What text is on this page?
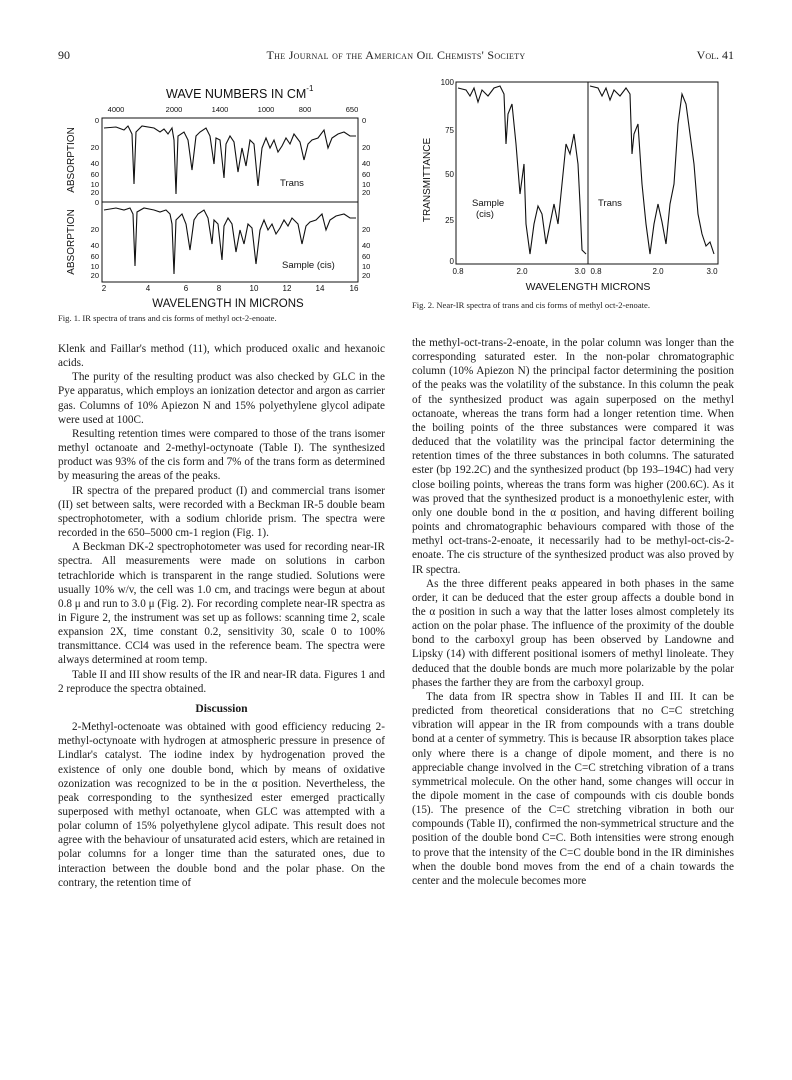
90	The Journal of the American Oil Chemists' Society	Vol. 41
WAVE NUMBERS IN $CM^{-1}$
4000	2000	1400	1000	800	650
0
20
40
60
10
20
0
20
40
60
10
20
0
20
40
60
10
20
20
40
60
10
20
ABSORPTION
ABSORPTION
Trans
Sample (cis)
2	4	6	8	10	12	14	16
WAVELENGTH IN MICRONS
Fig. 1. IR spectra of trans and cis forms of methyl oct-2-enoate.
100
75
50
25
0
TRANSMITTANCE	Sample
(cis)
Trans
0.8	2.0	3.0 0.8	2.0	3.0
WAVELENGTH MICRONS
Fig. 2. Near-IR spectra of trans and cis forms of methyl oct-2-enoate.

Klenk and Faillar's method (11), which produced oxalic and hexanoic acids.

The purity of the resulting product was also checked by GLC in the Pye apparatus, which employs an ionization detector and argon as carrier gas. Columns of 10% Apiezon N and 15% polyethylene glycol adipate were used at 100C.

Resulting retention times were compared to those of the trans isomer methyl octanoate and 2-methyl-octynoate (Table I). The synthesized product was 93% of the cis form and 7% of the trans form as determined by measuring the areas of the peaks.

IR spectra of the prepared product (I) and commercial trans isomer (II) set between salts, were recorded with a Beckman IR-5 double beam spectrophotometer, with a sodium chloride prism. The spectra were recorded in the 650–5000 cm-1 region (Fig. 1).

A Beckman DK-2 spectrophotometer was used for recording near-IR spectra. All measurements were made on solutions in carbon tetrachloride which is transparent in the range studied. Solutions were usually 10% w/v, the cell was 1.0 cm, and tracings were begun at about 0.8 μ and run to 3.0 μ (Fig. 2). For recording complete near-IR spectra as in Figure 2, the instrument was set up as follows: scanning time 2, scale expansion 2X, time constant 0.2, sensitivity 30, scale 0 to 100% transmittance. CCl4 was used in the reference beam. The spectra were always determined at room temp.

Table II and III show results of the IR and near-IR data. Figures 1 and 2 reproduce the spectra obtained.

Discussion

2-Methyl-octenoate was obtained with good efficiency reducing 2-methyl-octynoate with hydrogen at atmospheric pressure in presence of Lindlar's catalyst. The iodine index by hydrogenation proved the existence of only one double bond, which by means of oxidative ozonization was recognized to be in the α position. Nevertheless, the peak corresponding to the synthesized ester emerged practically superposed with methyl octanoate, when GLC was attempted with a polar column of 15% polyethylene glycol adipate. This result does not agree with the behaviour of unsaturated acid esters, which are retained in polar columns for a longer time than the saturated ones, due to interaction between the double bond and the polar phase. On the contrary, the retention time of

the methyl-oct-trans-2-enoate, in the polar column was longer than the corresponding saturated ester. In the non-polar chromatographic column (10% Apiezon N) the principal factor determining the position of the peaks was the volatility of the substance. In this column the peak of the synthesized product was again superposed on the methyl octanoate, whereas the trans form had a longer retention time. When the boiling points of the three substances were compared it was deduced that the volatility was the principal factor determining the retention times of the three substances in both columns. The saturated ester (bp 192.2C) and the synthesized product (bp 193–194C) had very close boiling points, whereas the trans form was higher (200.6C). As it was proved that the synthesized product is a monoethylenic ester, with only one double bond in the α position, and having different boiling points and chromatographic behaviours compared with those of the methyl oct-trans-2-enoate, it necessarily had to be methyl-oct-cis-2-enoate. The cis structure of the synthesized product was also proved by IR spectra.

As the three different peaks appeared in both phases in the same order, it can be deduced that the ester group affects a double bond in the α position in such a way that the latter loses almost completely its action on the polar phase. The influence of the proximity of the double bond to the carboxyl group has been observed by Landowne and Lipsky (14) with different positional isomers of methyl linoleate. They deduced that the double bonds are much more polarizable by the polar phases the farther they are from the carboxyl group.

The data from IR spectra show in Tables II and III. It can be predicted from theoretical considerations that no C=C stretching vibration will appear in the IR from compounds with a trans double bond at a center of symmetry. This is because IR absorption takes place only where there is a change of dipole moment, and there is no appreciable change involved in the C=C stretching vibration of a trans symmetrical molecule. On the other hand, some changes will occur in the dipole moment in the case of compounds with cis double bonds (15). The presence of the C=C stretching vibration in both our compounds (Table II), confirmed the non-symmetrical structure and the position of the double bond C=C. Both intensities were strong enough to prove that the intensity of the C=C double bond in the IR diminishes when the double bond moves from the end of a chain towards the center and the molecule becomes more
